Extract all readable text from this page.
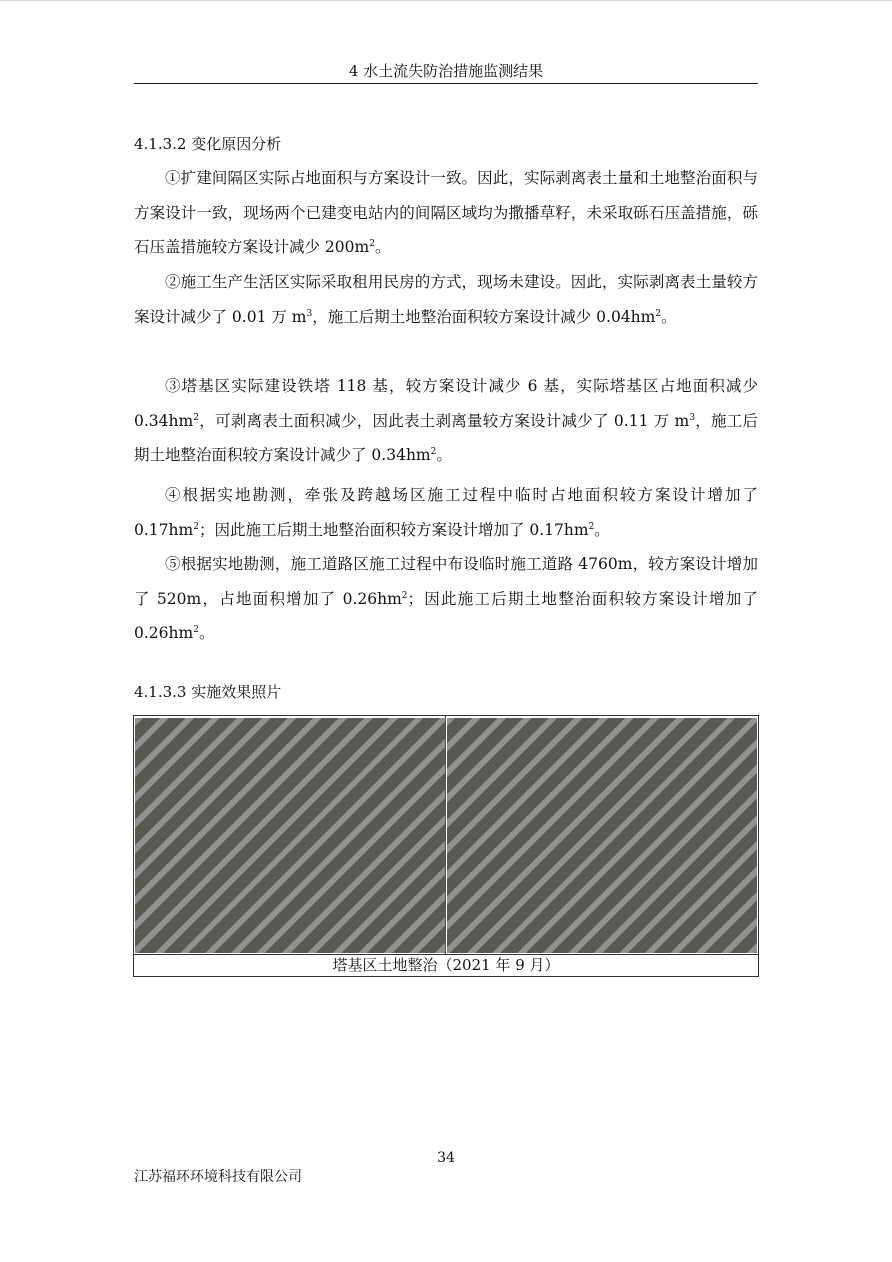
4 水土流失防治措施监测结果
4.1.3.2 变化原因分析

①扩建间隔区实际占地面积与方案设计一致。因此，实际剥离表土量和土地整治面积与方案设计一致，现场两个已建变电站内的间隔区域均为撒播草籽，未采取砾石压盖措施，砾石压盖措施较方案设计减少 $200m^2$。

②施工生产生活区实际采取租用民房的方式，现场未建设。因此，实际剥离表土量较方案设计减少了 0.01 万 $m^3$，施工后期土地整治面积较方案设计减少 $0.04hm^2$。

③塔基区实际建设铁塔 118 基，较方案设计减少 6 基，实际塔基区占地面积减少 $0.34hm^2$，可剥离表土面积减少，因此表土剥离量较方案设计减少了 0.11 万 $m^3$，施工后期土地整治面积较方案设计减少了 $0.34hm^2$。

④根据实地勘测，牵张及跨越场区施工过程中临时占地面积较方案设计增加了 $0.17hm^2$；因此施工后期土地整治面积较方案设计增加了 $0.17hm^2$。

⑤根据实地勘测，施工道路区施工过程中布设临时施工道路 4760m，较方案设计增加了 520m，占地面积增加了 $0.26hm^2$；因此施工后期土地整治面积较方案设计增加了 $0.26hm^2$。

4.1.3.3 实施效果照片
塔基区土地整治（2021 年 9 月）
34
江苏福环环境科技有限公司
